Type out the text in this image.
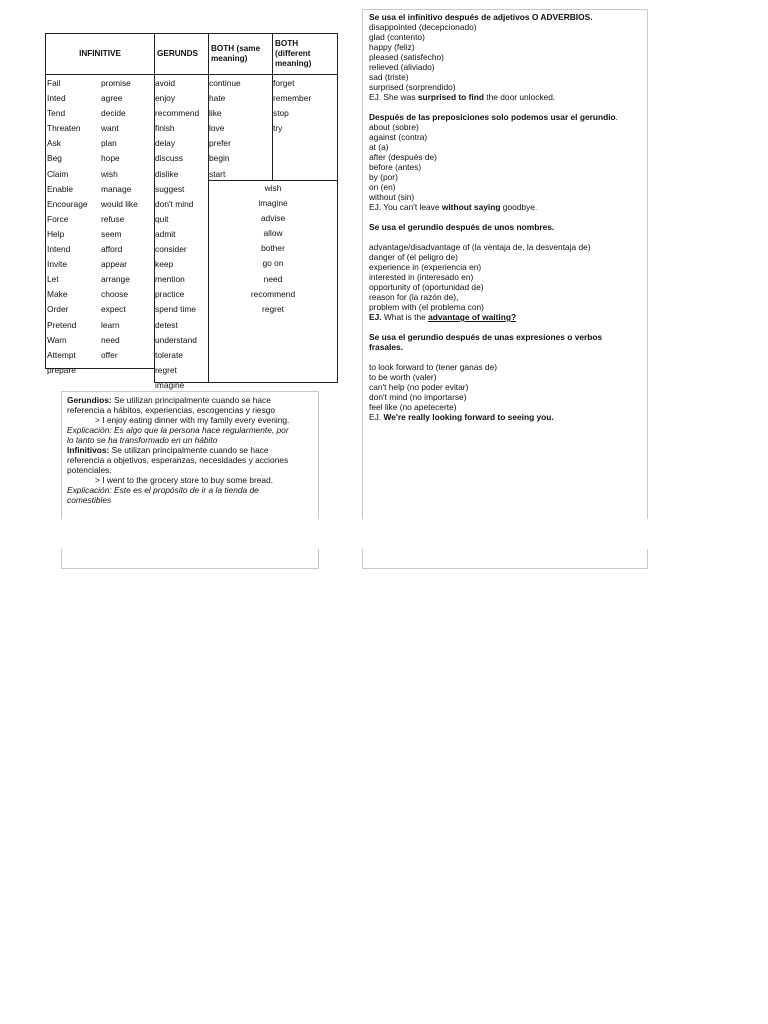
INFINITIVE	GERUNDS
BOTH (same meaning)
BOTH (different meaning)
Fail
Inted
Tend
Threaten
Ask
Beg
Claim
Enable
Encourage
Force
Help
Intend
Invite
Let
Make
Order
Pretend
Warn
Attempt
prepare
promise
agree
decide
want
plan
hope
wish
manage
would like
refuse
seem
afford
appear
arrange
choose
expect
learn
need
offer
avoid
enjoy
recommend
finish
delay
discuss
dislike
suggest
don't mind
quit
admit
consider
keep
mention
practice
spend time
detest
understand
tolerate
regret
imagine
continue
hate
like
love
prefer
begin
start
forget
remember
stop
try
wish
imagine
advise
allow
bother
go on
need
recommend
regret
Gerundios: Se utilizan principalmente cuando se hace
referencia a hábitos, experiencias, escogencias y riesgo
> I enjoy eating dinner with my family every evening.
Explicación: Es algo que la persona hace regularmente, por
lo tanto se ha transformado en un hábito
Infinitivos: Se utilizan principalmente cuando se hace
referencia a objetivos, esperanzas, necesidades y acciones
potenciales.
> I went to the grocery store to buy some bread.
Explicación: Este es el propósito de ir a la tienda de
comestibles
Se usa el infinitivo después de adjetivos O ADVERBIOS.
disappointed (decepcionado)
glad (contento)
happy (feliz)
pleased (satisfecho)
relieved (aliviado)
sad (triste)
surprised (sorprendido)
EJ. She was surprised to find the door unlocked.
Después de las preposiciones solo podemos usar el gerundio.
about (sobre)
against (contra)
at (a)
after (después de)
before (antes)
by (por)
on (en)
without (sin)
EJ. You can't leave without saying goodbye.
Se usa el gerundio después de unos nombres.
advantage/disadvantage of (la ventaja de, la desventaja de)
danger of (el peligro de)
experience in (experiencia en)
interested in (interesado en)
opportunity of (oportunidad de)
reason for (la razón de),
problem with (el problema con)
EJ. What is the advantage of waiting?
Se usa el gerundio después de unas expresiones o verbos
frasales.
to look forward to (tener ganas de)
to be worth (valer)
can't help (no poder evitar)
don't mind (no importarse)
feel like (no apetecerte)
EJ. We're really looking forward to seeing you.
